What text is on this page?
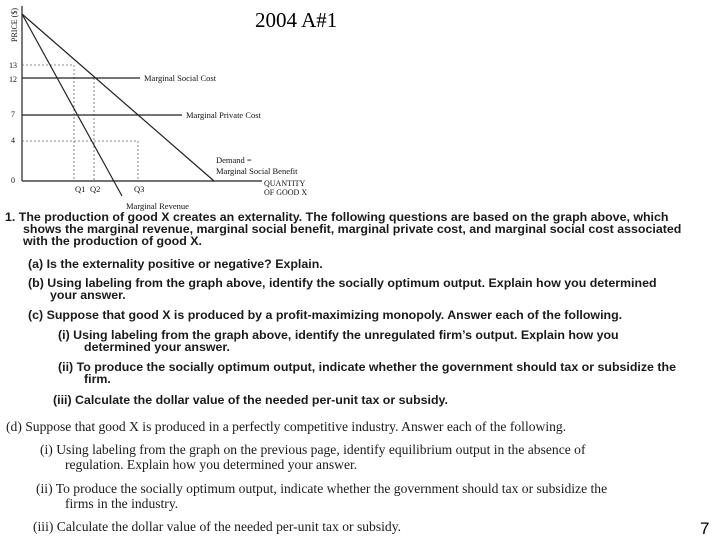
PRICE ($)
13
12
7
4
0
Marginal Social Cost
Marginal Private Cost
Demand =
Marginal Social Benefit
Marginal Revenue
Q1 Q2	Q3
QUANTITY
OF GOOD X
2004 A#1
1. The production of good X creates an externality. The following questions are based on the graph above, which
shows the marginal revenue, marginal social benefit, marginal private cost, and marginal social cost associated
with the production of good X.
(a) Is the externality positive or negative? Explain.
(b) Using labeling from the graph above, identify the socially optimum output. Explain how you determined
your answer.
(c) Suppose that good X is produced by a profit-maximizing monopoly. Answer each of the following.
(i) Using labeling from the graph above, identify the unregulated firm’s output. Explain how you
determined your answer.
(ii) To produce the socially optimum output, indicate whether the government should tax or subsidize the
firm.
(iii) Calculate the dollar value of the needed per-unit tax or subsidy.
(d) Suppose that good X is produced in a perfectly competitive industry. Answer each of the following.
(i) Using labeling from the graph on the previous page, identify equilibrium output in the absence of
regulation. Explain how you determined your answer.
(ii) To produce the socially optimum output, indicate whether the government should tax or subsidize the
firms in the industry.
(iii) Calculate the dollar value of the needed per-unit tax or subsidy.	7
